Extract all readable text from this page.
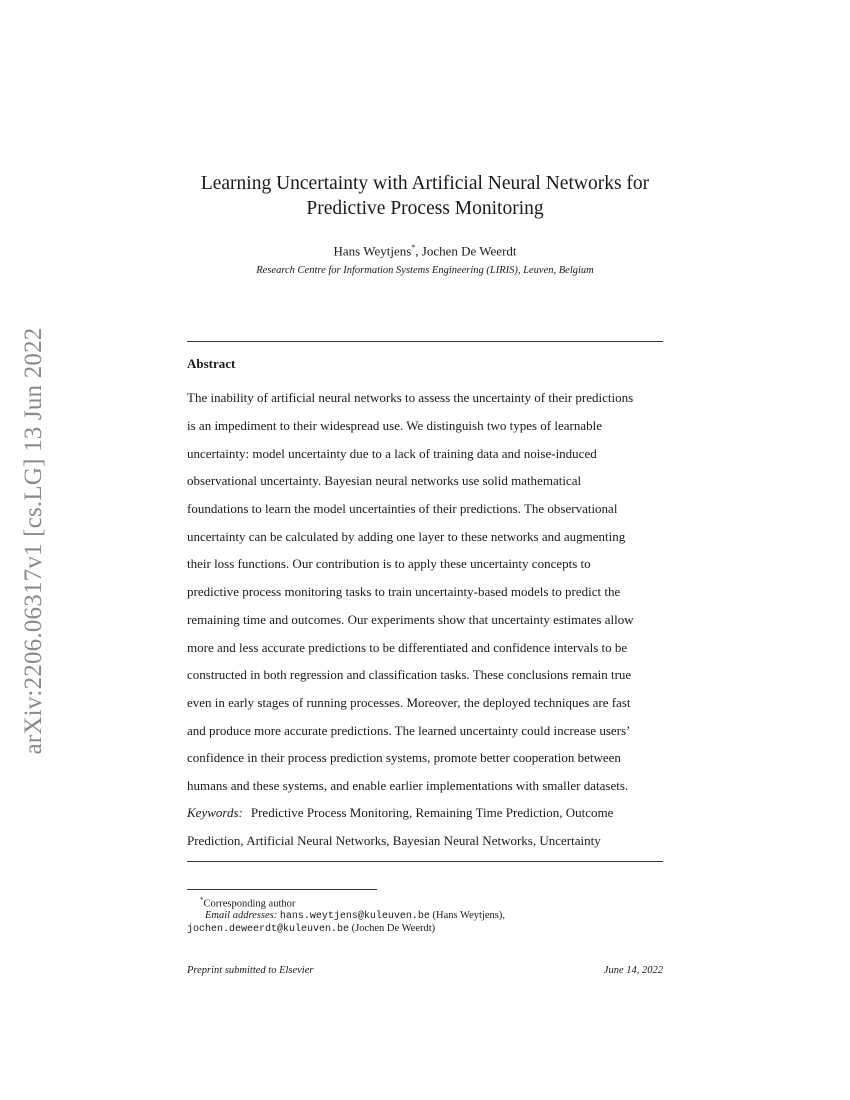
arXiv:2206.06317v1 [cs.LG] 13 Jun 2022
Learning Uncertainty with Artificial Neural Networks for
Predictive Process Monitoring
Hans Weytjens*, Jochen De Weerdt
Research Centre for Information Systems Engineering (LIRIS), Leuven, Belgium
Abstract
The inability of artificial neural networks to assess the uncertainty of their predictions
is an impediment to their widespread use. We distinguish two types of learnable
uncertainty: model uncertainty due to a lack of training data and noise-induced
observational uncertainty. Bayesian neural networks use solid mathematical
foundations to learn the model uncertainties of their predictions. The observational
uncertainty can be calculated by adding one layer to these networks and augmenting
their loss functions. Our contribution is to apply these uncertainty concepts to
predictive process monitoring tasks to train uncertainty-based models to predict the
remaining time and outcomes. Our experiments show that uncertainty estimates allow
more and less accurate predictions to be differentiated and confidence intervals to be
constructed in both regression and classification tasks. These conclusions remain true
even in early stages of running processes. Moreover, the deployed techniques are fast
and produce more accurate predictions. The learned uncertainty could increase users’
confidence in their process prediction systems, promote better cooperation between
humans and these systems, and enable earlier implementations with smaller datasets.
Keywords: Predictive Process Monitoring, Remaining Time Prediction, Outcome
Prediction, Artificial Neural Networks, Bayesian Neural Networks, Uncertainty
*Corresponding author
Email addresses: hans.weytjens@kuleuven.be (Hans Weytjens),
jochen.deweerdt@kuleuven.be (Jochen De Weerdt)
Preprint submitted to Elsevier	June 14, 2022
